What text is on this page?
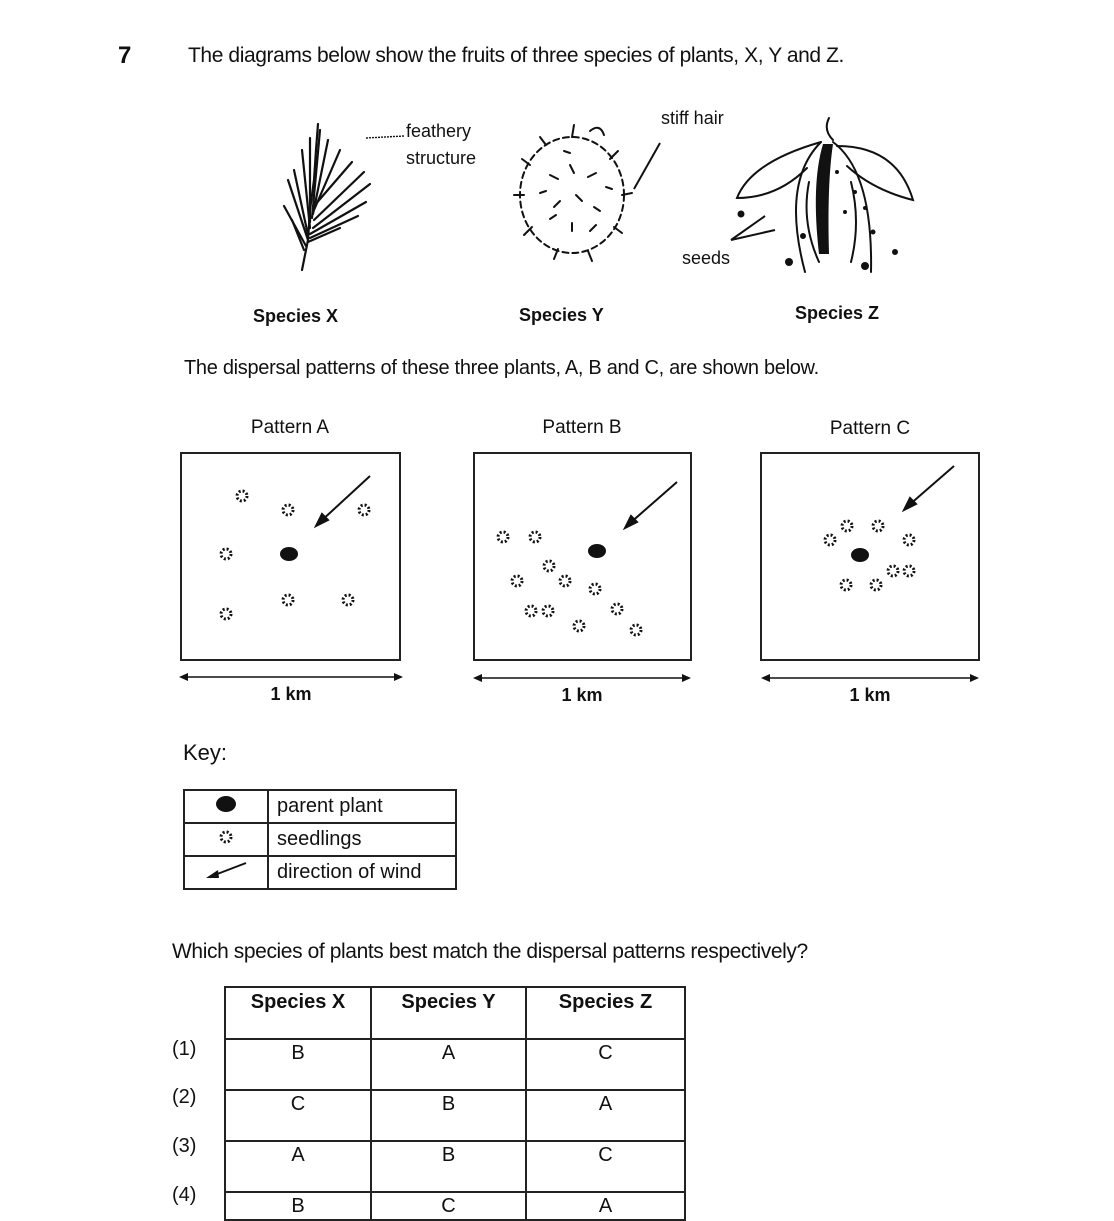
7	The diagrams below show the fruits of three species of plants, X, Y and Z.
feathery
structure
stiff hair
seeds
Species X	Species Y	Species Z
The dispersal patterns of these three plants, A, B and C, are shown below.
Pattern A	Pattern B	Pattern C
1 km	1 km	1 km
Key:
	parent plant
	seedlings
	direction of wind
Which species of plants best match the dispersal patterns respectively?
(1)
(2)
(3)
(4)
Species X	Species Y	Species Z
B	A	C
C	B	A
A	B	C
B	C	A
